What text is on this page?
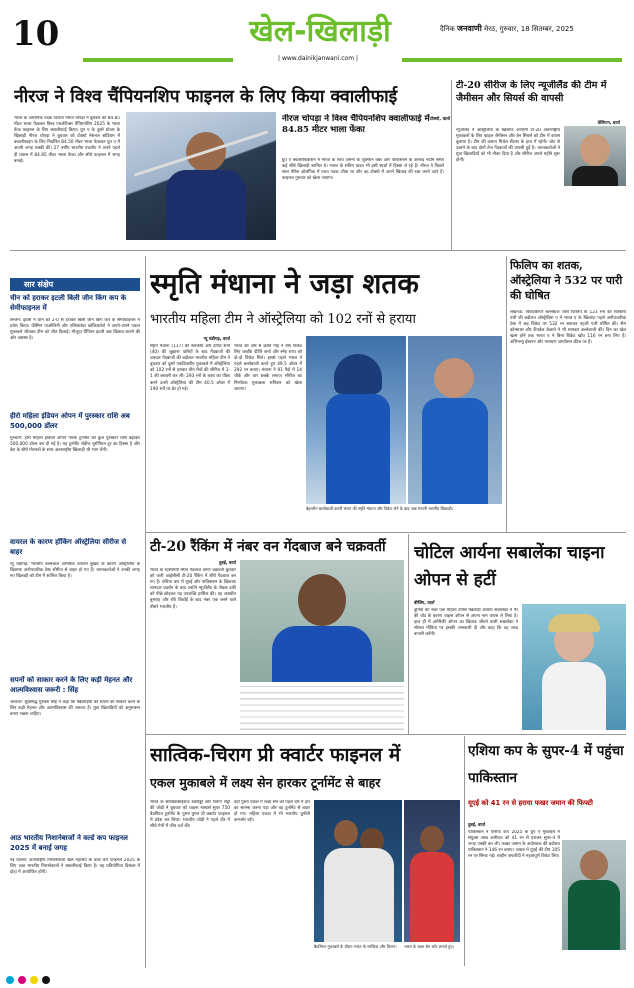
10	खेल-खिलाड़ी
| www.dainikjanwani.com |
दैनिक जनवाणी मेरठ, गुरुवार, 18 सितम्बर, 2025
नीरज ने विश्व चैंपियनशिप फाइनल के लिए किया क्वालीफाई
टोक्यो, वार्ता
भारत के ओलंपिक पदक विजेता नीरज चोपड़ा ने बुधवार को 84.85 मीटर भाला फेंककर विश्व एथलेटिक्स चैंपियनशिप 2025 के भाला फेंक फाइनल के लिए क्वालीफाई किया। ग्रुप ए के दूसरे थ्रोअर के खिलाड़ी नीरज चोपड़ा ने बुधवार को टोक्यो नेशनल स्टेडियम में क्वालीफाइंग के लिए निर्धारित 84.50 मीटर भाला फेंककर ग्रुप ए में अपनी जगह पक्की की। 27 वर्षीय भारतीय एथलीट ने अपने पहले ही प्रयास में 84.85 मीटर भाला फेंका और सीधे फाइनल में जगह बनाई।
नीरज चोपड़ा ने विश्व चैंपियनशिप क्वालीफाई में 84.85 मीटर भाला फेंका
ग्रुप ए क्वालीफिकेशन में नीरज के साथ जर्मनी के जूलियन वेबर और पाकिस्तान के अरशद नदीम समेत कई शीर्ष खिलाड़ी शामिल थे। भारत के सचिन यादव भी इसी स्पर्धा में हिस्सा ले रहे हैं। नीरज ने पिछले साल पेरिस ओलंपिक में रजत पदक जीता था और वह टोक्यो में अपने खिताब की रक्षा करने उतरे हैं। फाइनल गुरुवार को खेला जाएगा।
टी-20 सीरीज के लिए न्यूजीलैंड की टीम में जैमीसन और सियर्स की वापसी
वेलिंग्टन, वार्ता
न्यूजीलैंड ने ऑस्ट्रेलिया के खिलाफ आगामी टी-20 अंतरराष्ट्रीय मुकाबलों के लिए काइल जैमीसन और बेन सियर्स को टीम में वापस बुलाया है। टीम की कमान मिचेल सैंटनर के हाथ में रहेगी। चोट से उबरने के बाद दोनों तेज गेंदबाजों की वापसी हुई है। चयनकर्ताओं ने युवा खिलाड़ियों को भी मौका दिया है और सीरीज अगले महीने शुरू होगी।
सार संक्षेप
चीन को हराकर इटली बिली जीन किंग कप के सेमीफाइनल में
शेन्जेन: इटली ने चीन को 2-0 से हराकर बिली जीन किंग कप के सेमीफाइनल में प्रवेश किया। जैस्मिन पाओलिनी और एलिसाबेटा कोकियारेटो ने अपने-अपने एकल मुकाबले जीतकर टीम को जीत दिलाई। मौजूदा चैंपियन इटली अब खिताब बचाने की ओर अग्रसर है।
हीरो महिला इंडियन ओपन में पुरस्कार राशि अब 500,000 डॉलर
गुरुग्राम: हीरो महिला इंडियन ओपन गोल्फ टूर्नामेंट की कुल पुरस्कार राशि बढ़ाकर 500,000 डॉलर कर दी गई है। यह टूर्नामेंट लेडीज यूरोपियन टूर का हिस्सा है और देश के शीर्ष गोल्फरों के साथ अंतरराष्ट्रीय खिलाड़ी भी भाग लेंगी।
वायरल के कारण हॉकिंग ऑस्ट्रेलिया सीरीज से बाहर
न्यू चंडीगढ़: भारतीय बल्लेबाज अभिषेक वायरल बुखार के कारण ऑस्ट्रेलिया के खिलाफ अनौपचारिक टेस्ट सीरीज से बाहर हो गए हैं। चयनकर्ताओं ने उनकी जगह नए खिलाड़ी को टीम में शामिल किया है।
सपनों को साकार करने के लिए कड़ी मेहनत और आत्मविश्वास जरूरी : सिंह
जालंधर: सुप्रसिद्ध गुरुवंश सिंह ने कहा कि खिलाड़ियों को सपनों को साकार करने के लिए कड़ी मेहनत और आत्मविश्वास की जरूरत है। युवा खिलाड़ियों को अनुशासन बनाए रखना चाहिए।
आठ भारतीय निशानेबाजों ने वर्ल्ड कप फाइनल 2025 में बनाई जगह
नई दिल्ली: अंतरराष्ट्रीय निशानेबाजी खेल महासंघ के वर्ल्ड कप फाइनल 2025 के लिए आठ भारतीय निशानेबाजों ने क्वालीफाई किया है। यह प्रतियोगिता दिसंबर में दोहा में आयोजित होगी।
स्मृति मंधाना ने जड़ा शतक
भारतीय महिला टीम ने ऑस्ट्रेलिया को 102 रनों से हराया
न्यू चंडीगढ़, वार्ता
स्मृति मंधाना (117) की शतकीय और दीप्ति शर्मा (40) की जुझारू पारियों के बाद गेंदबाजों की धारदार गेंदबाजी की बदौलत भारतीय महिला टीम ने बुधवार को दूसरे एकदिवसीय मुकाबले में ऑस्ट्रेलिया को 102 रनों से हराकर तीन मैचों की सीरीज में 1-1 की बराबरी कर ली। 293 रनों के लक्ष्य का पीछा करने उतरी ऑस्ट्रेलिया की टीम 40.5 ओवर में 190 रनों पर ढेर हो गई।
भारत की ओर से क्रांति गौड़ ने तीन विकेट लिए जबकि दीप्ति शर्मा और स्नेह राणा को दो-दो विकेट मिले। इससे पहले भारत ने पहले बल्लेबाजी करते हुए 49.5 ओवर में 292 रन बनाए। मंधाना ने 91 गेंदों में 14 चौके और चार छक्के लगाए। सीरीज का निर्णायक मुकाबला शनिवार को खेला जाएगा।
बेहतरीन बल्लेबाजी करती भारत की स्मृति मंधाना और विकेट लेने के बाद जश्न मनाती भारतीय खिलाड़ी।
फिलिप का शतक, ऑस्ट्रेलिया ने 532 पर पारी की घोषित
लखनऊ: विकेटकीपर बल्लेबाज जोश फिलिप के 123 रनों की शतकीय पारी की बदौलत ऑस्ट्रेलिया ए ने भारत ए के खिलाफ पहले अनौपचारिक टेस्ट में छह विकेट पर 532 रन बनाकर पहली पारी घोषित की। सैम कोन्स्टास और कैंपबेल केलावे ने भी शानदार बल्लेबाजी की। दिन का खेल खत्म होने तक भारत ए ने बिना विकेट खोए 116 रन बना लिए हैं। अभिमन्यु ईश्वरन और नारायण जगदीशन क्रीज पर हैं।
टी-20 रैंकिंग में नंबर वन गेंदबाज बने चक्रवर्ती
दुबई, वार्ता
भारत के रहस्यमयी स्पिन गेंदबाज वरुण चक्रवर्ती बुधवार को जारी आईसीसी टी-20 रैंकिंग में शीर्ष गेंदबाज बन गए हैं। एशिया कप में यूएई और पाकिस्तान के खिलाफ शानदार प्रदर्शन के बाद उन्होंने न्यूजीलैंड के जैकब डफी को पीछे छोड़कर यह उपलब्धि हासिल की। वह जसप्रीत बुमराह और रवि बिश्नोई के बाद नंबर एक बनने वाले तीसरे भारतीय हैं।
चोटिल आर्यना सबालेंका चाइना ओपन से हटीं
बीजिंग, वार्ता
दुनिया की नंबर एक महिला टेनिस खिलाड़ी आर्यना सबालेंका ने पैर की चोट के कारण चाइना ओपन से अपना नाम वापस ले लिया है। हाल ही में अमेरिकी ओपन का खिताब जीतने वाली सबालेंका ने सोशल मीडिया पर इसकी जानकारी दी और कहा कि वह जल्द वापसी करेंगी।
सात्विक-चिराग प्री क्वार्टर फाइनल में
एकल मुकाबले में लक्ष्य सेन हारकर टूर्नामेंट से बाहर
भारत के सात्विकसाईराज रंकीरेड्डी और चिराग शेट्टी की जोड़ी ने बुधवार को चाइना मास्टर्स सुपर 750 बैडमिंटन टूर्नामेंट के पुरुष युगल प्री क्वार्टर फाइनल में प्रवेश कर लिया। भारतीय जोड़ी ने पहले दौर में सीधे गेमों में जीत दर्ज की।
वहीं पुरुष एकल में लक्ष्य सेन को पहले दौर में हार का सामना करना पड़ा और वह टूर्नामेंट से बाहर हो गए। महिला एकल में भी भारतीय चुनौती कमजोर रही।
बैडमिंटन मुकाबले के दौरान भारत के सात्विक और चिराग।	भारत के लक्ष्य सेन शॉट लगाते हुए।
एशिया कप के सुपर-4 में पहुंचा पाकिस्तान
यूएई को 41 रन से हराया फखर जमान की फिफ्टी
दुबई, वार्ता
पाकिस्तान ने एशिया कप 2025 के ग्रुप ए मुकाबले में संयुक्त अरब अमीरात को 41 रन से हराकर सुपर-4 में जगह पक्की कर ली। फखर जमान के अर्धशतक की बदौलत पाकिस्तान ने 146 रन बनाए। जवाब में यूएई की टीम 105 रन पर सिमट गई। शाहीन अफरीदी ने महत्वपूर्ण विकेट लिए।
